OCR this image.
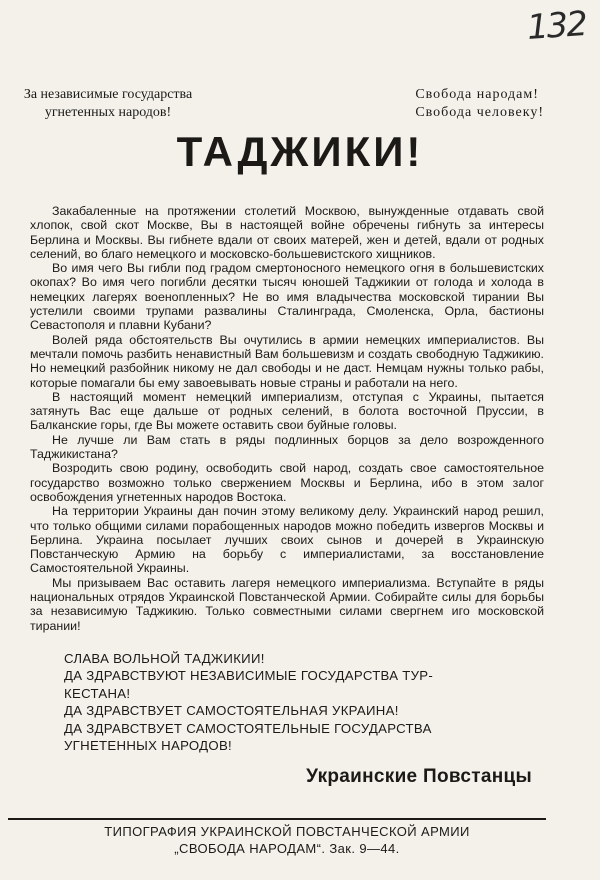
132
За независимые государства
угнетенных народов!
Свобода народам!
Свобода человеку!
ТАДЖИКИ!

Закабаленные на протяжении столетий Москвою, вынужденные отдавать свой хлопок, свой скот Москве, Вы в настоящей войне обречены гибнуть за интересы Берлина и Москвы. Вы гибнете вдали от своих матерей, жен и детей, вдали от родных селений, во благо немецкого и московско-большевистского хищников.

Во имя чего Вы гибли под градом смертоносного немецкого огня в большевистских окопах? Во имя чего погибли десятки тысяч юношей Таджикии от голода и холода в немецких лагерях военопленных? Не во имя владычества московской тирании Вы устелили своими трупами развалины Сталинграда, Смоленска, Орла, бастионы Севастополя и плавни Кубани?

Волей ряда обстоятельств Вы очутились в армии немецких империалистов. Вы мечтали помочь разбить ненавистный Вам большевизм и создать свободную Таджикию. Но немецкий разбойник никому не дал свободы и не даст. Немцам нужны только рабы, которые помагали бы ему завоевывать новые страны и работали на него.

В настоящий момент немецкий империализм, отступая с Украины, пытается затянуть Вас еще дальше от родных селений, в болота восточной Пруссии, в Балканские горы, где Вы можете оставить свои буйные головы.

Не лучше ли Вам стать в ряды подлинных борцов за дело возрожденного Таджикистана?

Возродить свою родину, освободить свой народ, создать свое самостоятельное государство возможно только свержением Москвы и Берлина, ибо в этом залог освобождения угнетенных народов Востока.

На территории Украины дан почин этому великому делу. Украинский народ решил, что только общими силами порабощенных народов можно победить извергов Москвы и Берлина. Украина посылает лучших своих сынов и дочерей в Украинскую Повстанческую Армию на борьбу с империалистами, за восстановление Самостоятельной Украины.

Мы призываем Вас оставить лагеря немецкого империализма. Вступайте в ряды национальных отрядов Украинской Повстанческой Армии. Собирайте силы для борьбы за независимую Таджикию. Только совместными силами свергнем иго московской тирании!

СЛАВА ВОЛЬНОЙ ТАДЖИКИИ!
ДА ЗДРАВСТВУЮТ НЕЗАВИСИМЫЕ ГОСУДАРСТВА ТУР-
КЕСТАНА!
ДА ЗДРАВСТВУЕТ САМОСТОЯТЕЛЬНАЯ УКРАИНА!
ДА ЗДРАВСТВУЕТ САМОСТОЯТЕЛЬНЫЕ ГОСУДАРСТВА
УГНЕТЕННЫХ НАРОДОВ!
Украинские Повстанцы
ТИПОГРАФИЯ УКРАИНСКОЙ ПОВСТАНЧЕСКОЙ АРМИИ
„СВОБОДА НАРОДАМ“. Зак. 9—44.
